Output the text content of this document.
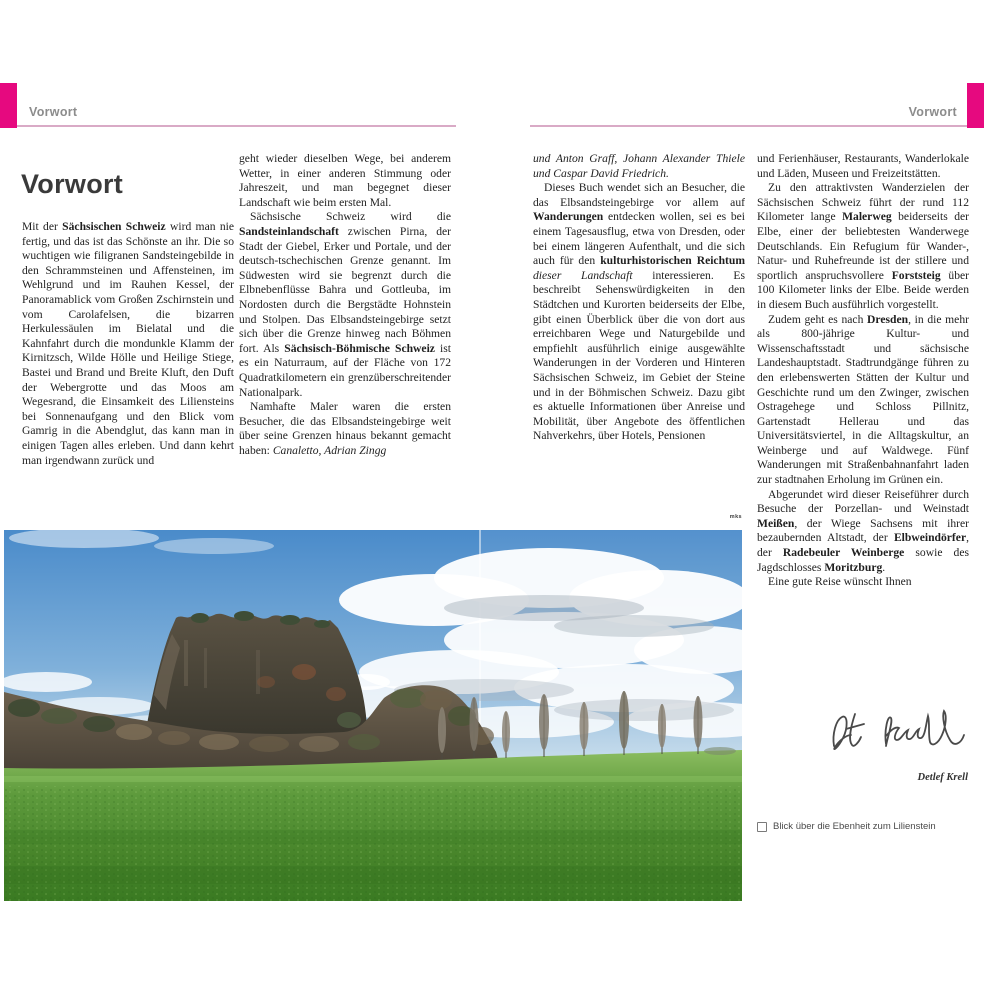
Vorwort	Vorwort
Vorwort

Mit der Sächsischen Schweiz wird man nie fertig, und das ist das Schönste an ihr. Die so wuchtigen wie filigranen Sandsteingebilde in den Schrammsteinen und Affensteinen, im Wehlgrund und im Rauhen Kessel, der Panoramablick vom Großen Zschirnstein und vom Carolafelsen, die bizarren Herkulessäulen im Bielatal und die Kahnfahrt durch die mondunkle Klamm der Kirnitzsch, Wilde Hölle und Heilige Stiege, Bastei und Brand und Breite Kluft, den Duft der Webergrotte und das Moos am Wegesrand, die Einsamkeit des Liliensteins bei Sonnenaufgang und den Blick vom Gamrig in die Abendglut, das kann man in einigen Tagen alles erleben. Und dann kehrt man irgendwann zurück und

geht wieder dieselben Wege, bei anderem Wetter, in einer anderen Stimmung oder Jahreszeit, und man begegnet dieser Landschaft wie beim ersten Mal.

Sächsische Schweiz wird die Sandsteinlandschaft zwischen Pirna, der Stadt der Giebel, Erker und Portale, und der deutsch-tschechischen Grenze genannt. Im Südwesten wird sie begrenzt durch die Elbnebenflüsse Bahra und Gottleuba, im Nordosten durch die Bergstädte Hohnstein und Stolpen. Das Elbsandsteingebirge setzt sich über die Grenze hinweg nach Böhmen fort. Als Sächsisch-Böhmische Schweiz ist es ein Naturraum, auf der Fläche von 172 Quadratkilometern ein grenzüberschreitender Nationalpark.

Namhafte Maler waren die ersten Besucher, die das Elbsandsteingebirge weit über seine Grenzen hinaus bekannt gemacht haben: Canaletto, Adrian Zingg

und Anton Graff, Johann Alexander Thiele und Caspar David Friedrich.

Dieses Buch wendet sich an Besucher, die das Elbsandsteingebirge vor allem auf Wanderungen entdecken wollen, sei es bei einem Tagesausflug, etwa von Dresden, oder bei einem längeren Aufenthalt, und die sich auch für den kulturhistorischen Reichtum dieser Landschaft interessieren. Es beschreibt Sehenswürdigkeiten in den Städtchen und Kurorten beiderseits der Elbe, gibt einen Überblick über die von dort aus erreichbaren Wege und Naturgebilde und empfiehlt ausführlich einige ausgewählte Wanderungen in der Vorderen und Hinteren Sächsischen Schweiz, im Gebiet der Steine und in der Böhmischen Schweiz. Dazu gibt es aktuelle Informationen über Anreise und Mobilität, über Angebote des öffentlichen Nahverkehrs, über Hotels, Pensionen

und Ferienhäuser, Restaurants, Wanderlokale und Läden, Museen und Freizeitstätten.

Zu den attraktivsten Wanderzielen der Sächsischen Schweiz führt der rund 112 Kilometer lange Malerweg beiderseits der Elbe, einer der beliebtesten Wanderwege Deutschlands. Ein Refugium für Wander-, Natur- und Ruhefreunde ist der stillere und sportlich anspruchsvollere Forststeig über 100 Kilometer links der Elbe. Beide werden in diesem Buch ausführlich vorgestellt.

Zudem geht es nach Dresden, in die mehr als 800-jährige Kultur- und Wissenschaftsstadt und sächsische Landeshauptstadt. Stadtrundgänge führen zu den erlebenswerten Stätten der Kultur und Geschichte rund um den Zwinger, zwischen Ostragehege und Schloss Pillnitz, Gartenstadt Hellerau und das Universitätsviertel, in die Alltagskultur, an Weinberge und auf Waldwege. Fünf Wanderungen mit Straßenbahnanfahrt laden zur stadtnahen Erholung im Grünen ein.

Abgerundet wird dieser Reiseführer durch Besuche der Porzellan- und Weinstadt Meißen, der Wiege Sachsens mit ihrer bezaubernden Altstadt, der Elbweindörfer, der Radebeuler Weinberge sowie des Jagdschlosses Moritzburg.

Eine gute Reise wünscht Ihnen

mks
Detlef Krell
Blick über die Ebenheit zum Lilienstein
